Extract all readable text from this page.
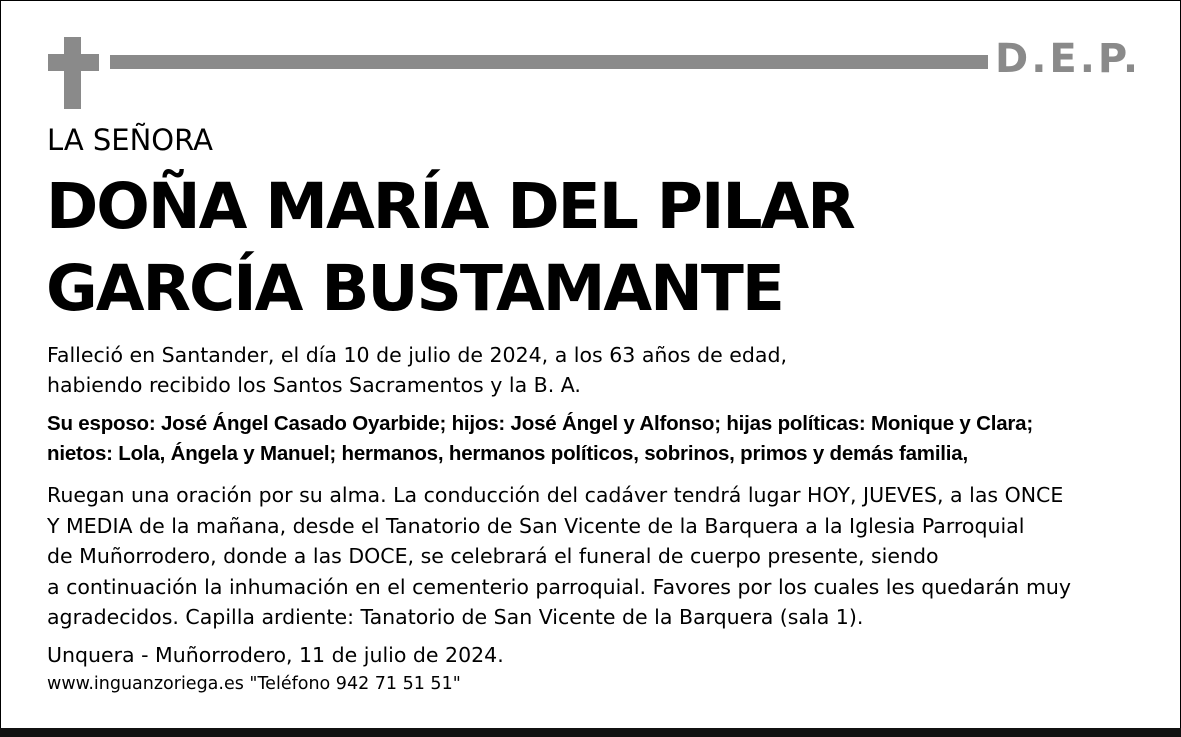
D.E.P.
LA SEÑORA
DOÑA MARÍA DEL PILAR
GARCÍA BUSTAMANTE
Falleció en Santander, el día 10 de julio de 2024, a los 63 años de edad,
habiendo recibido los Santos Sacramentos y la B. A.
Su esposo: José Ángel Casado Oyarbide; hijos: José Ángel y Alfonso; hijas políticas: Monique y Clara;
nietos: Lola, Ángela y Manuel; hermanos, hermanos políticos, sobrinos, primos y demás familia,
Ruegan una oración por su alma. La conducción del cadáver tendrá lugar HOY, JUEVES, a las ONCE
Y MEDIA de la mañana, desde el Tanatorio de San Vicente de la Barquera a la Iglesia Parroquial
de Muñorrodero, donde a las DOCE, se celebrará el funeral de cuerpo presente, siendo
a continuación la inhumación en el cementerio parroquial. Favores por los cuales les quedarán muy
agradecidos. Capilla ardiente: Tanatorio de San Vicente de la Barquera (sala 1).
Unquera - Muñorrodero, 11 de julio de 2024.
www.inguanzoriega.es "Teléfono 942 71 51 51"
